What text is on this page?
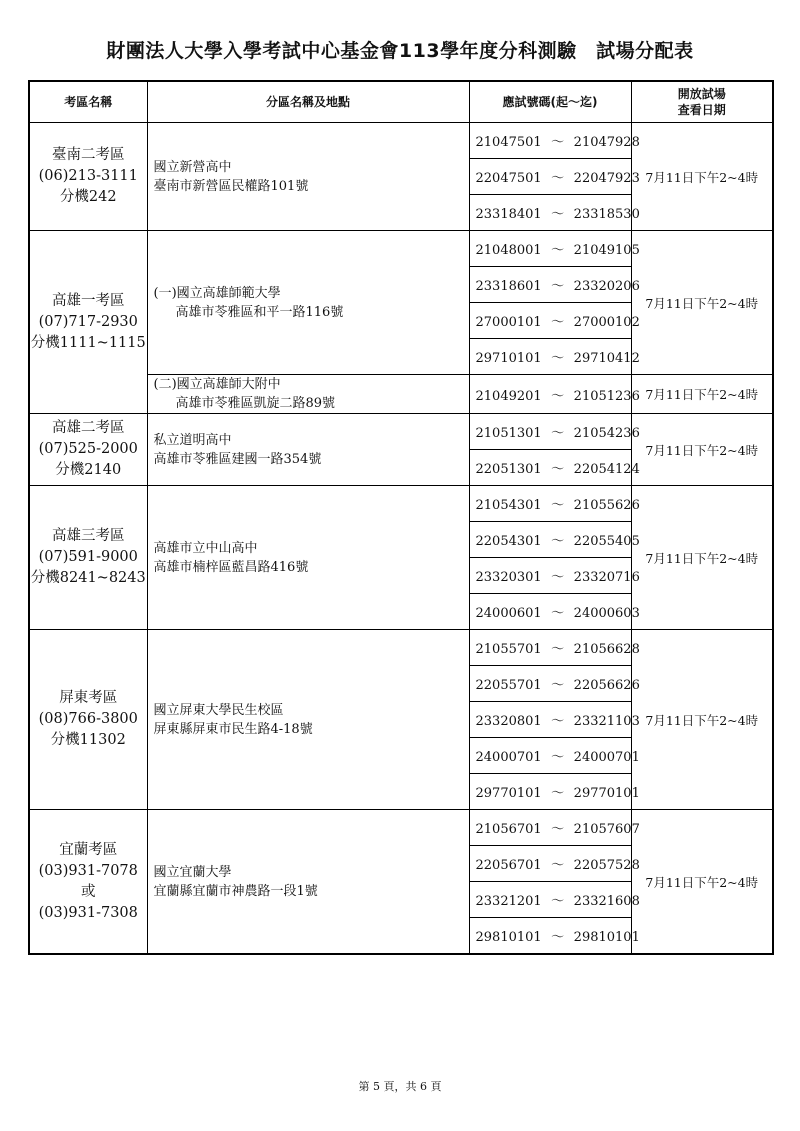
財團法人大學入學考試中心基金會113學年度分科測驗　試場分配表
考區名稱	分區名稱及地點	應試號碼(起～迄)	開放試場
查看日期

臺南二考區
(06)213-3111
分機242	國立新營高中
臺南市新營區民權路101號	21047501 ～ 21047928	7月11日下午2~4時
		22047501 ～ 22047923	
		23318401 ～ 23318530	

高雄一考區
(07)717-2930
分機1111~1115	(一)國立高雄師範大學
高雄市苓雅區和平一路116號	21048001 ～ 21049105	7月11日下午2~4時
		23318601 ～ 23320206	
		27000101 ～ 27000102	
		29710101 ～ 29710412	

	(二)國立高雄師大附中
高雄市苓雅區凱旋二路89號	21049201 ～ 21051236	7月11日下午2~4時

高雄二考區
(07)525-2000
分機2140	私立道明高中
高雄市苓雅區建國一路354號	21051301 ～ 21054236	7月11日下午2~4時
		22051301 ～ 22054124	

高雄三考區
(07)591-9000
分機8241~8243	高雄市立中山高中
高雄市楠梓區藍昌路416號	21054301 ～ 21055626	7月11日下午2~4時
		22054301 ～ 22055405	
		23320301 ～ 23320716	
		24000601 ～ 24000603	

屏東考區
(08)766-3800
分機11302	國立屏東大學民生校區
屏東縣屏東市民生路4-18號	21055701 ～ 21056628	7月11日下午2~4時
		22055701 ～ 22056626	
		23320801 ～ 23321103	
		24000701 ～ 24000701	
		29770101 ～ 29770101	

宜蘭考區
(03)931-7078
或
(03)931-7308	國立宜蘭大學
宜蘭縣宜蘭市神農路一段1號	21056701 ～ 21057607	7月11日下午2~4時
		22056701 ～ 22057528	
		23321201 ～ 23321608	
		29810101 ～ 29810101	
第 5 頁，共 6 頁
